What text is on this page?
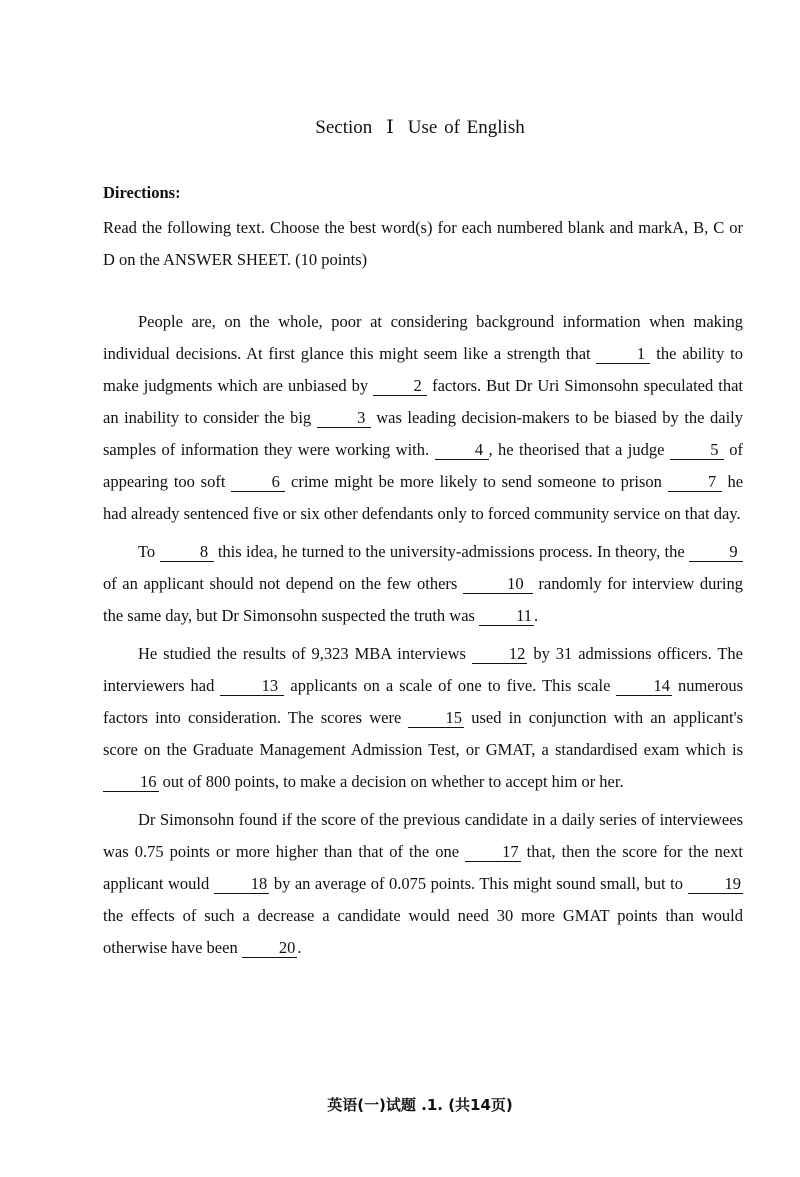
Section Ⅰ Use of English
Directions:
Read the following text. Choose the best word(s) for each numbered blank and markA, B, C or D on the ANSWER SHEET. (10 points)

People are, on the whole, poor at considering background information when making individual decisions. At first glance this might seem like a strength that	1 the ability to make judgments which are unbiased by	2 factors. But Dr Uri Simonsohn speculated that an inability to consider the big	3 was leading decision-makers to be biased by the daily samples of information they were working with.	4 , he theorised that a judge	5 of appearing too soft	6 crime might be more likely to send someone to prison	7 he had already sentenced five or six other defendants only to forced community service on that day.

To	8 this idea, he turned to the university-admissions process. In theory, the	9 of an applicant should not depend on the few others	10 randomly for interview during the same day, but Dr Simonsohn suspected the truth was 11 .

He studied the results of 9,323 MBA interviews	12 by 31 admissions officers. The interviewers had	13 applicants on a scale of one to five. This scale	14 numerous factors into consideration. The scores were	15 used in conjunction with an applicant's score on the Graduate Management Admission Test, or GMAT, a standardised exam which is 16 out of 800 points, to make a decision on whether to accept him or her.

Dr Simonsohn found if the score of the previous candidate in a daily series of interviewees was 0.75 points or more higher than that of the one	17 that, then the score for the next applicant would	18 by an average of 0.075 points. This might sound small, but to	19 the effects of such a decrease a candidate would need 30 more GMAT points than would otherwise have been 20 .

英语(一)试题 .1. (共14页)
